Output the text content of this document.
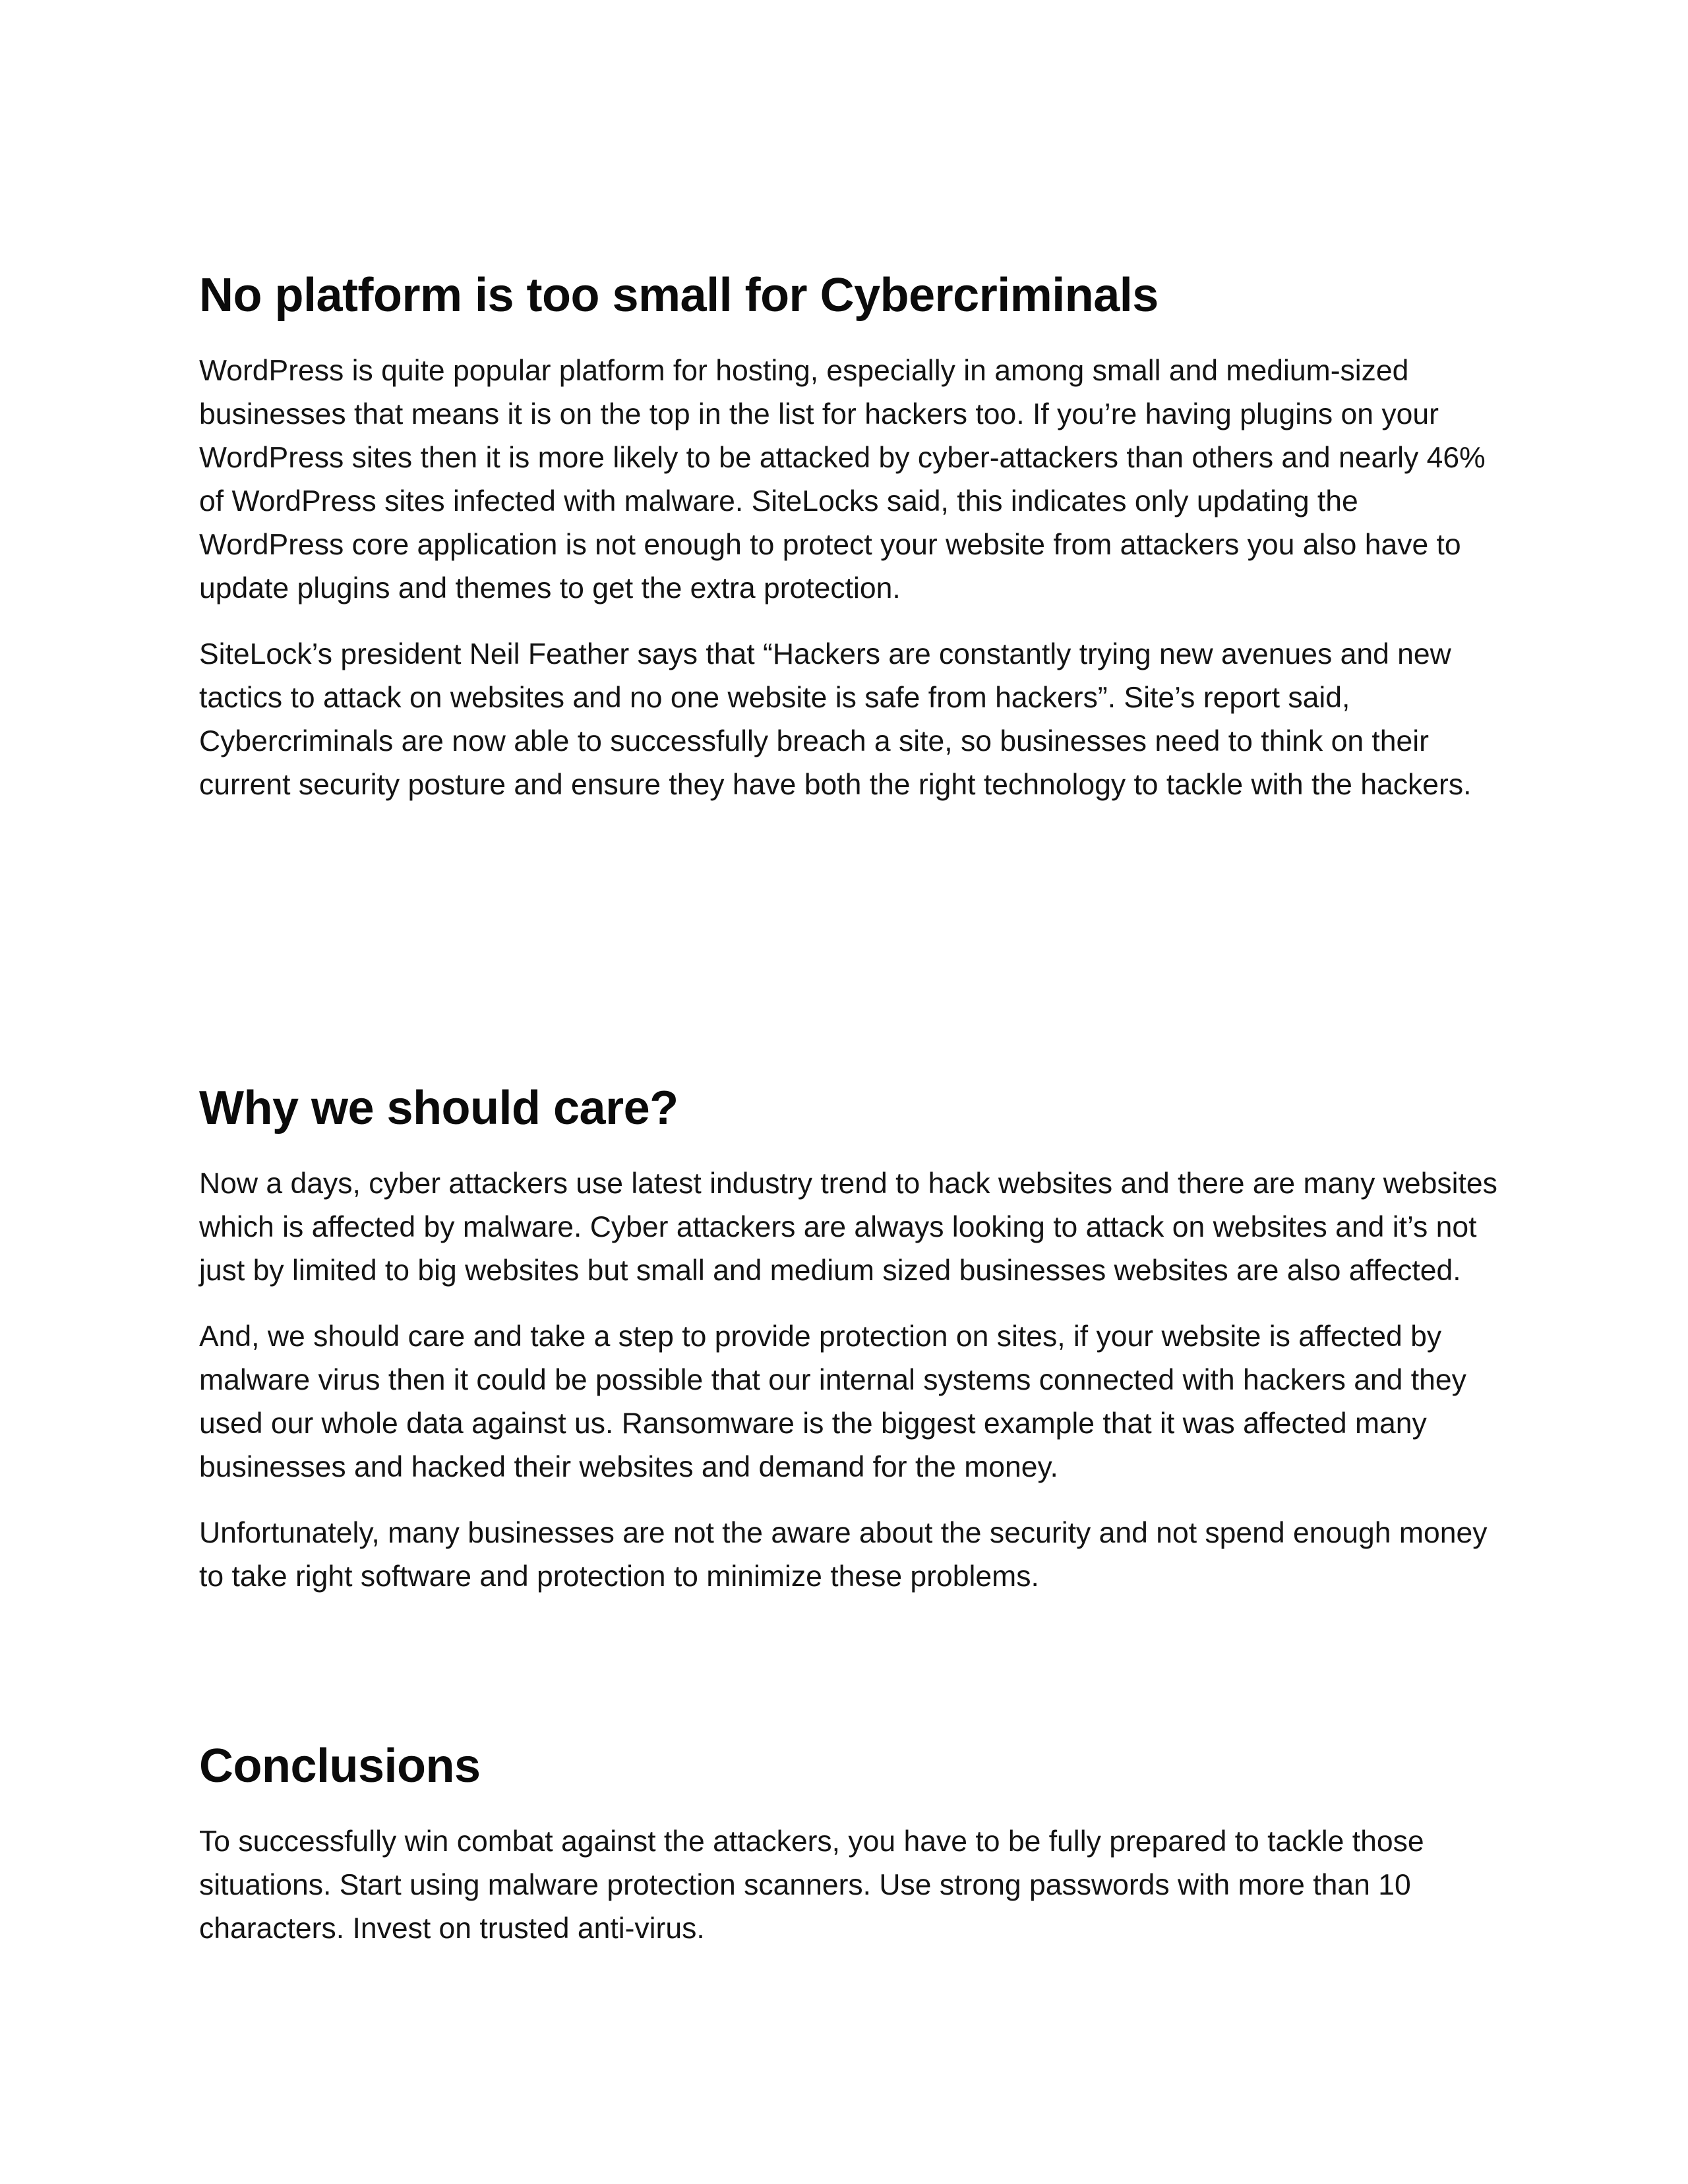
No platform is too small for Cybercriminals

WordPress is quite popular platform for hosting, especially in among small and medium-sized businesses that means it is on the top in the list for hackers too. If you’re having plugins on your WordPress sites then it is more likely to be attacked by cyber-attackers than others and nearly 46% of WordPress sites infected with malware. SiteLocks said, this indicates only updating the WordPress core application is not enough to protect your website from attackers you also have to update plugins and themes to get the extra protection.

SiteLock’s president Neil Feather says that “Hackers are constantly trying new avenues and new tactics to attack on websites and no one website is safe from hackers”. Site’s report said, Cybercriminals are now able to successfully breach a site, so businesses need to think on their current security posture and ensure they have both the right technology to tackle with the hackers.

Why we should care?

Now a days, cyber attackers use latest industry trend to hack websites and there are many websites which is affected by malware. Cyber attackers are always looking to attack on websites and it’s not just by limited to big websites but small and medium sized businesses websites are also affected.

And, we should care and take a step to provide protection on sites, if your website is affected by malware virus then it could be possible that our internal systems connected with hackers and they used our whole data against us. Ransomware is the biggest example that it was affected many businesses and hacked their websites and demand for the money.

Unfortunately, many businesses are not the aware about the security and not spend enough money to take right software and protection to minimize these problems.

Conclusions

To successfully win combat against the attackers, you have to be fully prepared to tackle those situations. Start using malware protection scanners. Use strong passwords with more than 10 characters. Invest on trusted anti-virus.
